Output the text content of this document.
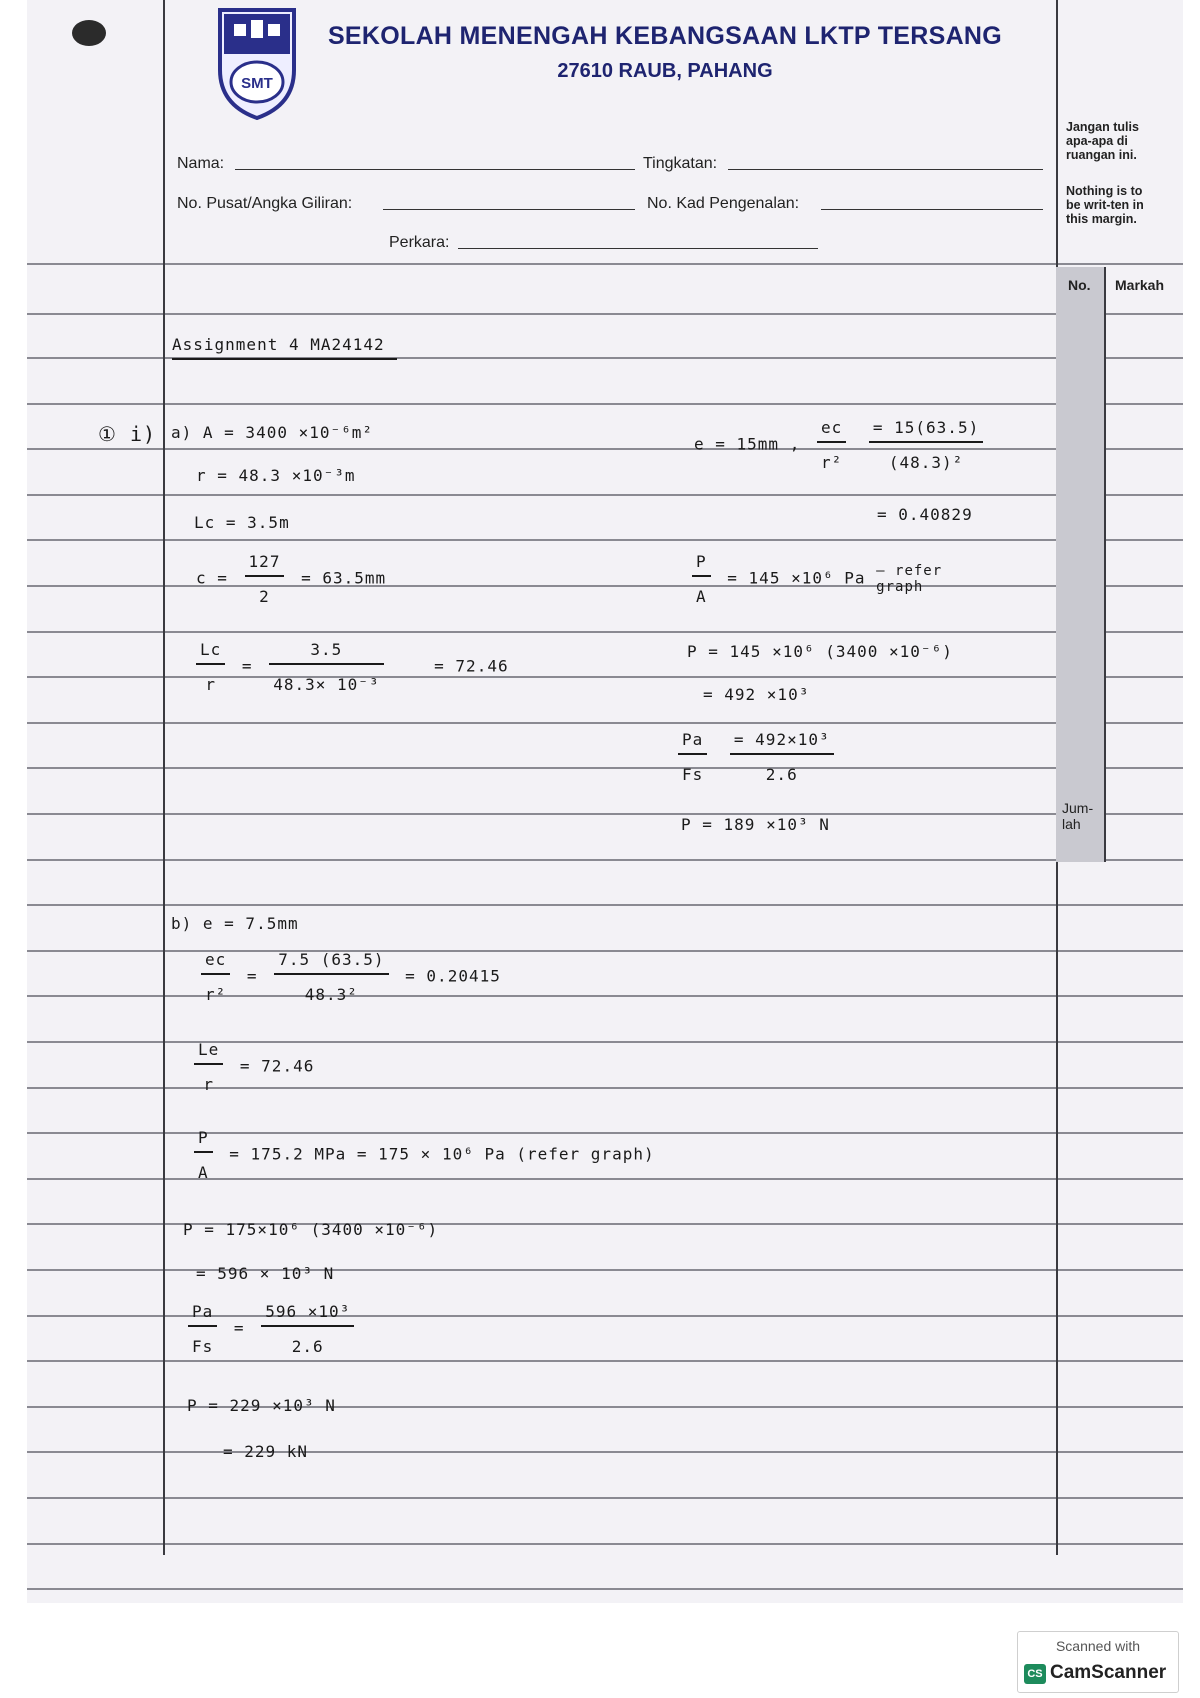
SMT
SEKOLAH MENENGAH KEBANGSAAN LKTP TERSANG
27610 RAUB, PAHANG
Nama:	Tingkatan:
No. Pusat/Angka Giliran:	No. Kad Pengenalan:
Perkara:
Jangan tulis apa-apa di ruangan ini.
Nothing is to be writ-ten in this margin.
No. Markah
Jum-lah
Assignment 4 MA24142
① i) a) A = 3400 ×10⁻⁶m²
r = 48.3 ×10⁻³m
Lc = 3.5m
$c = \frac{127}{2} = 63.5mm$
$\frac{Lc}{r} = \frac{3.5}{\text{48.3× 10⁻³}}$	= 72.46
e = 15mm , $\frac{ec}{\text{r²}}$
$\frac{= 15(63.5)}{\text{(48.3)²}}$
= 0.40829
$\frac{P}{A} = 145 \times 10^6$ Pa – refer graph
P = 145 ×10⁶ (3400 ×10⁻⁶)
= 492 ×10³
$\frac{Pa}{Fs}$
$\frac{\text{= 492×10³}}{2.6}$
P = 189 ×10³ N
b) e = 7.5mm
$\frac{ec}{\text{r²}} = \frac{7.5 (63.5)}{\text{48.3²}} = 0.20415$
$\frac{Le}{r} = 72.46$
$\frac{P}{A} = 175.2$ MPa = 175 × 10⁶ Pa (refer graph)
P = 175×10⁶ (3400 ×10⁻⁶)
= 596 × 10³ N
$\frac{Pa}{Fs} = \frac{\text{596 ×10³}}{2.6}$
P = 229 ×10³ N
= 229 kN
Scanned with
CS CamScanner
